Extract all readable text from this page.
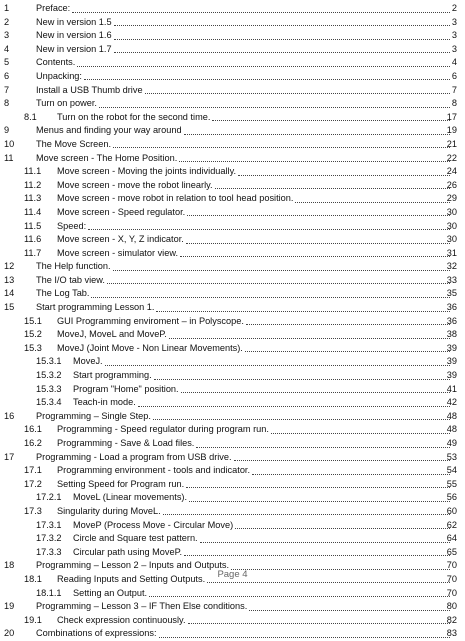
1	Preface:	2
2	New in version 1.5	3
3	New in version 1.6	3
4	New in version 1.7	3
5	Contents.	4
6	Unpacking:	6
7	Install a USB Thumb drive	7
8	Turn on power.	8
8.1 Turn on the robot for the second time.	17
9	Menus and finding your way around	19
10 The Move Screen.	21
11 Move screen - The Home Position.	22
11.1 Move screen - Moving the joints individually.	24
11.2 Move screen - move the robot linearly.	26
11.3 Move screen - move robot in relation to tool head position.	29
11.4 Move screen - Speed regulator.	30
11.5 Speed:	30
11.6 Move screen - X, Y, Z indicator.	30
11.7 Move screen - simulator view.	31
12 The Help function.	32
13 The I/O tab view.	33
14 The Log Tab.	35
15 Start programming Lesson 1.	36
15.1 GUI Programming enviroment – in Polyscope.	36
15.2 MoveJ, MoveL and MoveP.	38
15.3 MoveJ (Joint Move - Non Linear Movements).	39
15.3.1 MoveJ.	39
15.3.2 Start programming.	39
15.3.3 Program "Home" position.	41
15.3.4 Teach-in mode.	42
16 Programming – Single Step.	48
16.1 Programming - Speed regulator during program run.	48
16.2 Programming - Save & Load files.	49
17 Programming - Load a program from USB drive.	53
17.1 Programming environment - tools and indicator.	54
17.2 Setting Speed for Program run.	55
17.2.1 MoveL (Linear movements).	56
17.3 Singularity during MoveL.	60
17.3.1 MoveP (Process Move - Circular Move)	62
17.3.2 Circle and Square test pattern.	64
17.3.3 Circular path using MoveP.	65
18 Programming – Lesson 2 – Inputs and Outputs.	70
18.1 Reading Inputs and Setting Outputs.	70
18.1.1 Setting an Output.	70
19 Programming – Lesson 3 – IF Then Else conditions.	80
19.1 Check expression continuously.	82
20 Combinations of expressions:	83
Page 4
